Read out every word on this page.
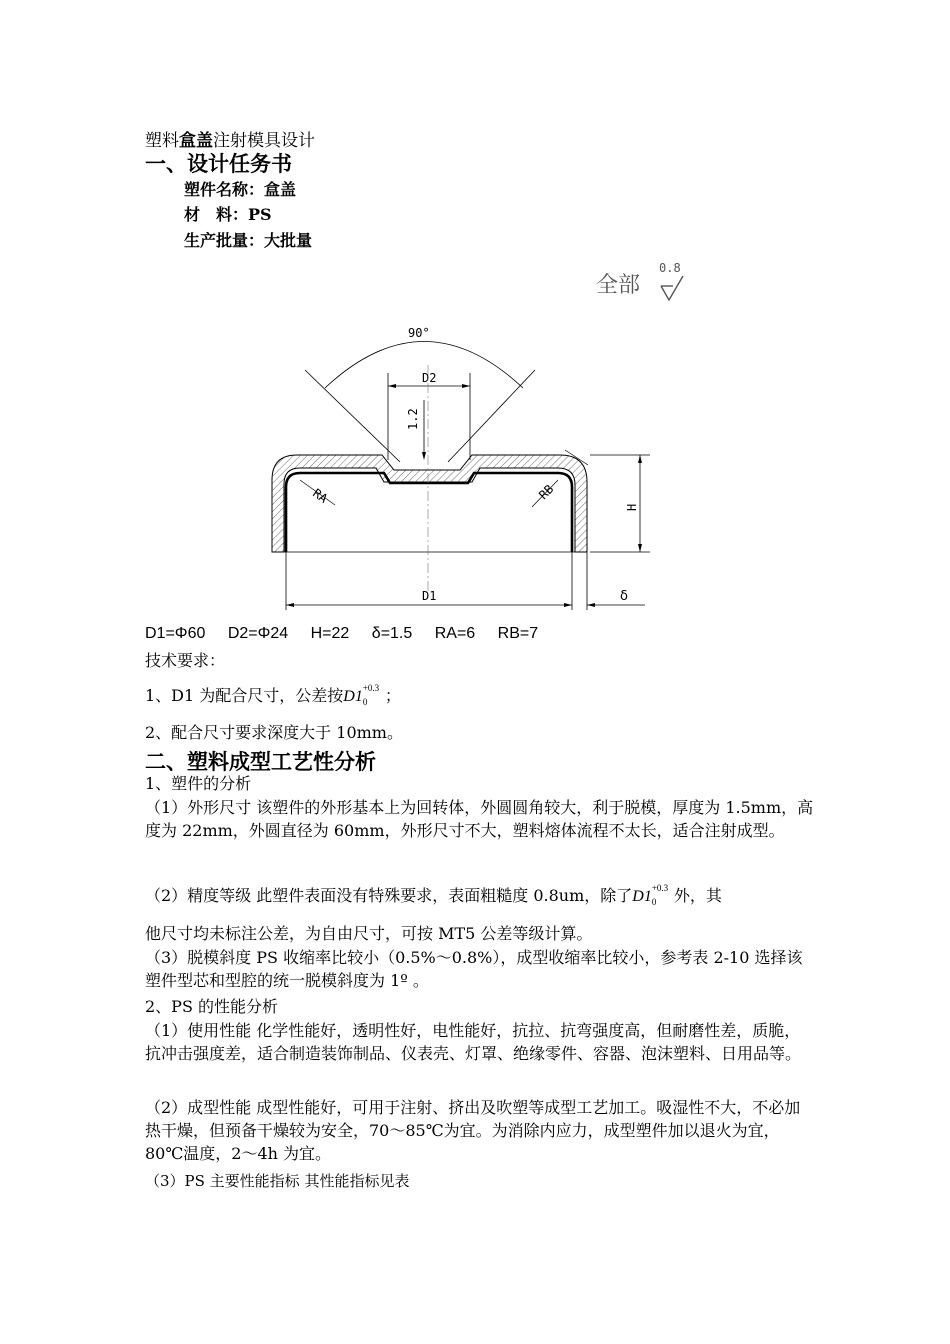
塑料盒盖注射模具设计
一、设计任务书
塑件名称：盒盖
材　料：PS
生产批量：大批量
全部
0.8
90°
D2
1.2
RA	RB
H
D1	δ
D1=Φ60 D2=Φ24 H=22 δ=1.5 RA=6 RB=7
技术要求：
1、D1 为配合尺寸，公差按D1 +0.3
0 ；
2、配合尺寸要求深度大于 10mm。
二、塑料成型工艺性分析
1、塑件的分析
（1）外形尺寸 该塑件的外形基本上为回转体，外圆圆角较大，利于脱模，厚度为 1.5mm，高度为 22mm，外圆直径为 60mm，外形尺寸不大，塑料熔体流程不太长，适合注射成型。
（2）精度等级 此塑件表面没有特殊要求，表面粗糙度 0.8um，除了D1 +0.3
0 外，其
他尺寸均未标注公差，为自由尺寸，可按 MT5 公差等级计算。
（3）脱模斜度 PS 收缩率比较小（0.5%～0.8%），成型收缩率比较小，参考表 2-10 选择该塑件型芯和型腔的统一脱模斜度为 1º 。
2、PS 的性能分析
（1）使用性能 化学性能好，透明性好，电性能好，抗拉、抗弯强度高，但耐磨性差，质脆，抗冲击强度差，适合制造装饰制品、仪表壳、灯罩、绝缘零件、容器、泡沫塑料、日用品等。
（2）成型性能 成型性能好，可用于注射、挤出及吹塑等成型工艺加工。吸湿性不大，不必加热干燥，但预备干燥较为安全，70～85℃为宜。为消除内应力，成型塑件加以退火为宜，80℃温度，2～4h 为宜。
（3）PS 主要性能指标 其性能指标见表
